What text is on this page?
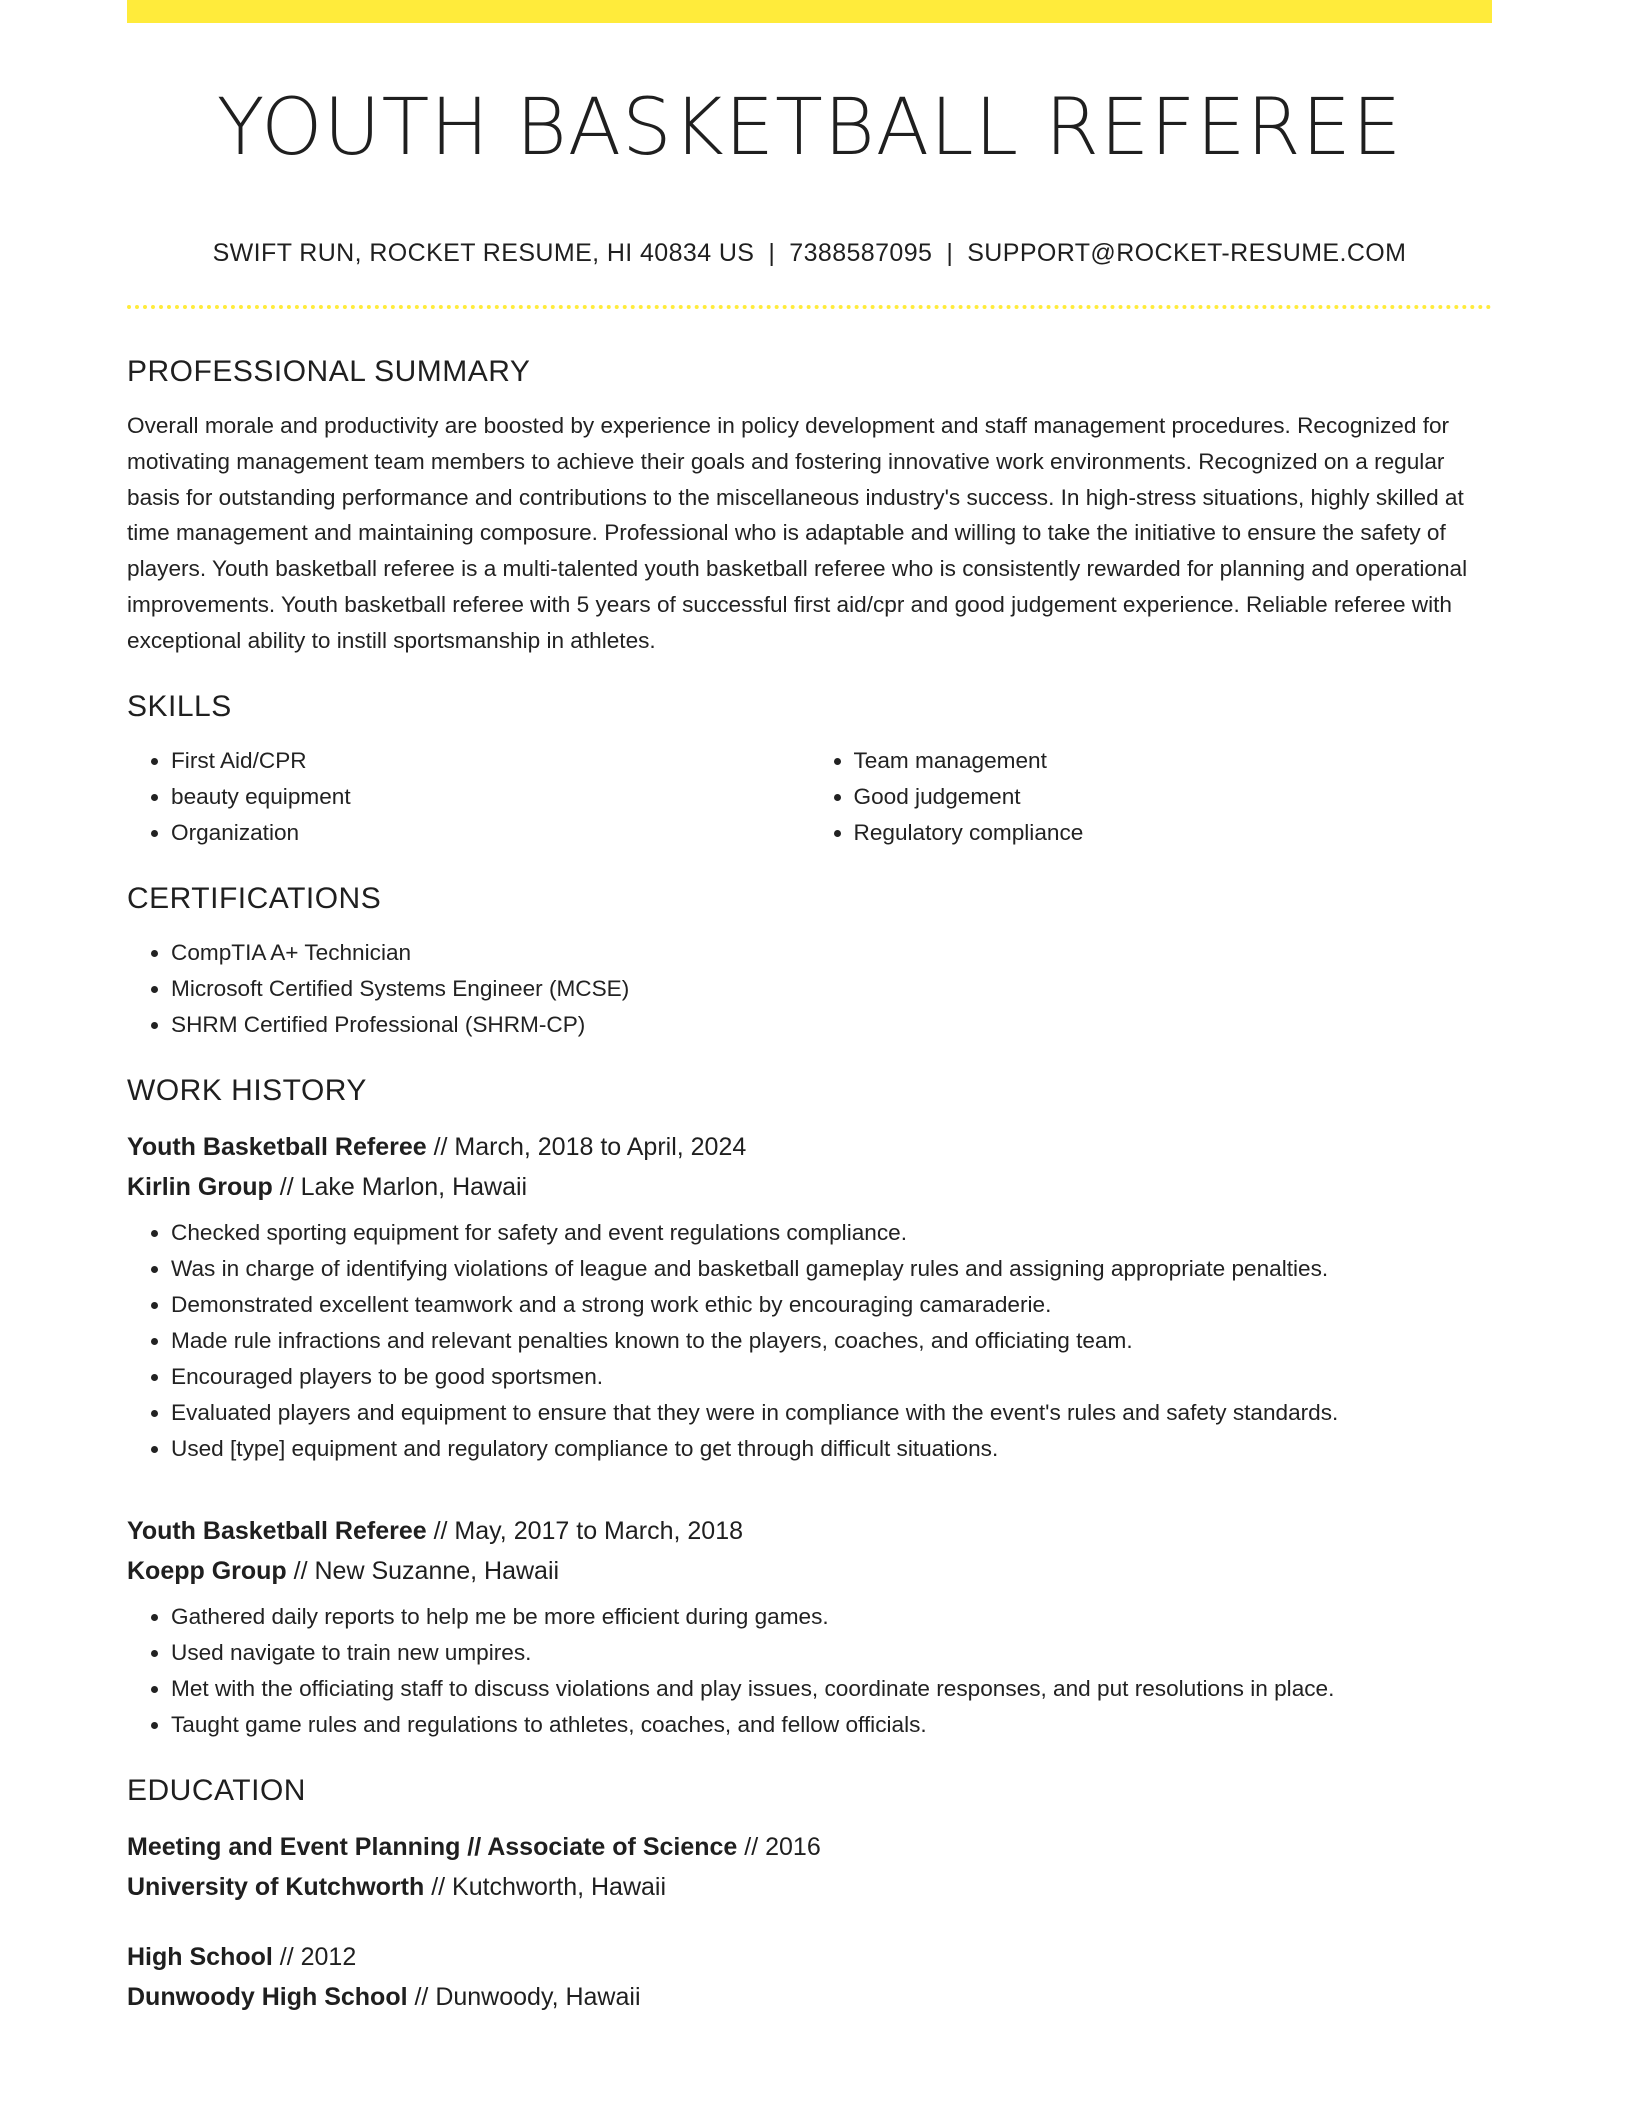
YOUTH BASKETBALL REFEREE
SWIFT RUN, ROCKET RESUME, HI 40834 US | 7388587095 | SUPPORT@ROCKET-RESUME.COM
PROFESSIONAL SUMMARY

Overall morale and productivity are boosted by experience in policy development and staff management procedures. Recognized for motivating management team members to achieve their goals and fostering innovative work environments. Recognized on a regular basis for outstanding performance and contributions to the miscellaneous industry's success. In high-stress situations, highly skilled at time management and maintaining composure. Professional who is adaptable and willing to take the initiative to ensure the safety of players. Youth basketball referee is a multi-talented youth basketball referee who is consistently rewarded for planning and operational improvements. Youth basketball referee with 5 years of successful first aid/cpr and good judgement experience. Reliable referee with exceptional ability to instill sportsmanship in athletes.

SKILLS
• First Aid/CPR
• beauty equipment
• Organization
• Team management
• Good judgement
• Regulatory compliance
CERTIFICATIONS
• CompTIA A+ Technician
• Microsoft Certified Systems Engineer (MCSE)
• SHRM Certified Professional (SHRM-CP)
WORK HISTORY
Youth Basketball Referee // March, 2018 to April, 2024
Kirlin Group // Lake Marlon, Hawaii
• Checked sporting equipment for safety and event regulations compliance.
• Was in charge of identifying violations of league and basketball gameplay rules and assigning appropriate penalties.
• Demonstrated excellent teamwork and a strong work ethic by encouraging camaraderie.
• Made rule infractions and relevant penalties known to the players, coaches, and officiating team.
• Encouraged players to be good sportsmen.
• Evaluated players and equipment to ensure that they were in compliance with the event's rules and safety standards.
• Used [type] equipment and regulatory compliance to get through difficult situations.
Youth Basketball Referee // May, 2017 to March, 2018
Koepp Group // New Suzanne, Hawaii
• Gathered daily reports to help me be more efficient during games.
• Used navigate to train new umpires.
• Met with the officiating staff to discuss violations and play issues, coordinate responses, and put resolutions in place.
• Taught game rules and regulations to athletes, coaches, and fellow officials.
EDUCATION
Meeting and Event Planning // Associate of Science // 2016
University of Kutchworth // Kutchworth, Hawaii
High School // 2012
Dunwoody High School // Dunwoody, Hawaii
